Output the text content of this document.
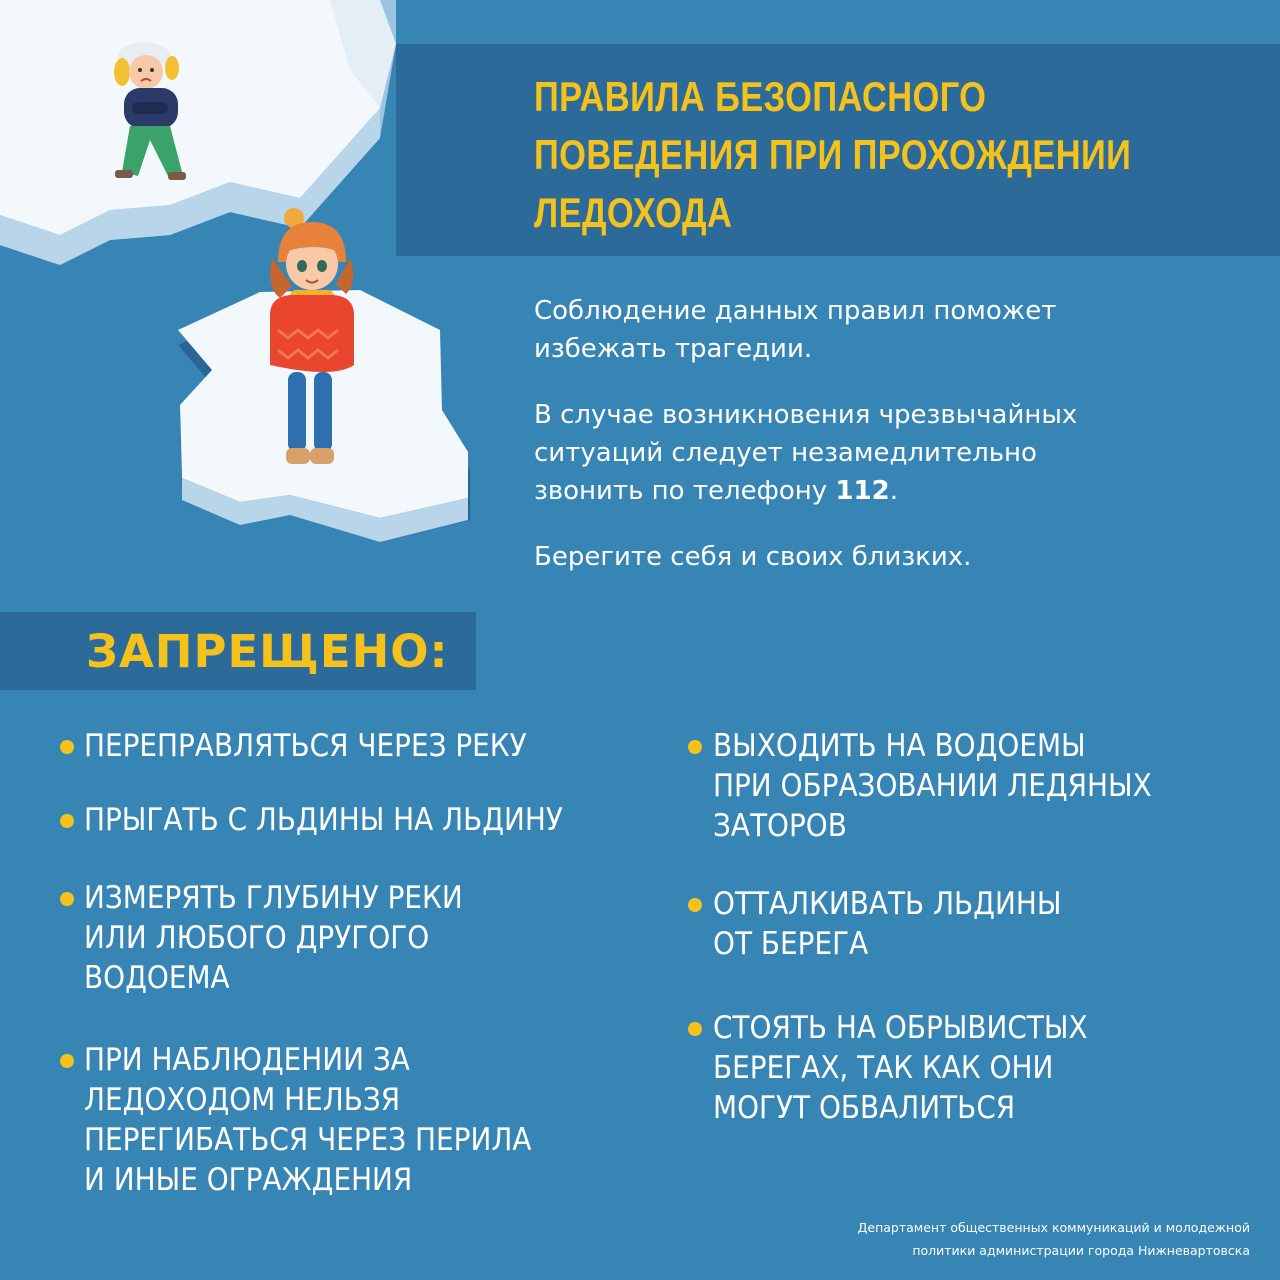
ПРАВИЛА БЕЗОПАСНОГО
ПОВЕДЕНИЯ ПРИ ПРОХОЖДЕНИИ
ЛЕДОХОДА

Соблюдение данных правил поможет

избежать трагедии.

В случае возникновения чрезвычайных

ситуаций следует незамедлительно

звонить по телефону 112.

Берегите себя и своих близких.

ЗАПРЕЩЕНО:
ПЕРЕПРАВЛЯТЬСЯ ЧЕРЕЗ РЕКУ
ПРЫГАТЬ С ЛЬДИНЫ НА ЛЬДИНУ
ИЗМЕРЯТЬ ГЛУБИНУ РЕКИ
ИЛИ ЛЮБОГО ДРУГОГО
ВОДОЕМА
ПРИ НАБЛЮДЕНИИ ЗА
ЛЕДОХОДОМ НЕЛЬЗЯ
ПЕРЕГИБАТЬСЯ ЧЕРЕЗ ПЕРИЛА
И ИНЫЕ ОГРАЖДЕНИЯ
ВЫХОДИТЬ НА ВОДОЕМЫ
ПРИ ОБРАЗОВАНИИ ЛЕДЯНЫХ
ЗАТОРОВ
ОТТАЛКИВАТЬ ЛЬДИНЫ
ОТ БЕРЕГА
СТОЯТЬ НА ОБРЫВИСТЫХ
БЕРЕГАХ, ТАК КАК ОНИ
МОГУТ ОБВАЛИТЬСЯ
Департамент общественных коммуникаций и молодежной
политики администрации города Нижневартовска
